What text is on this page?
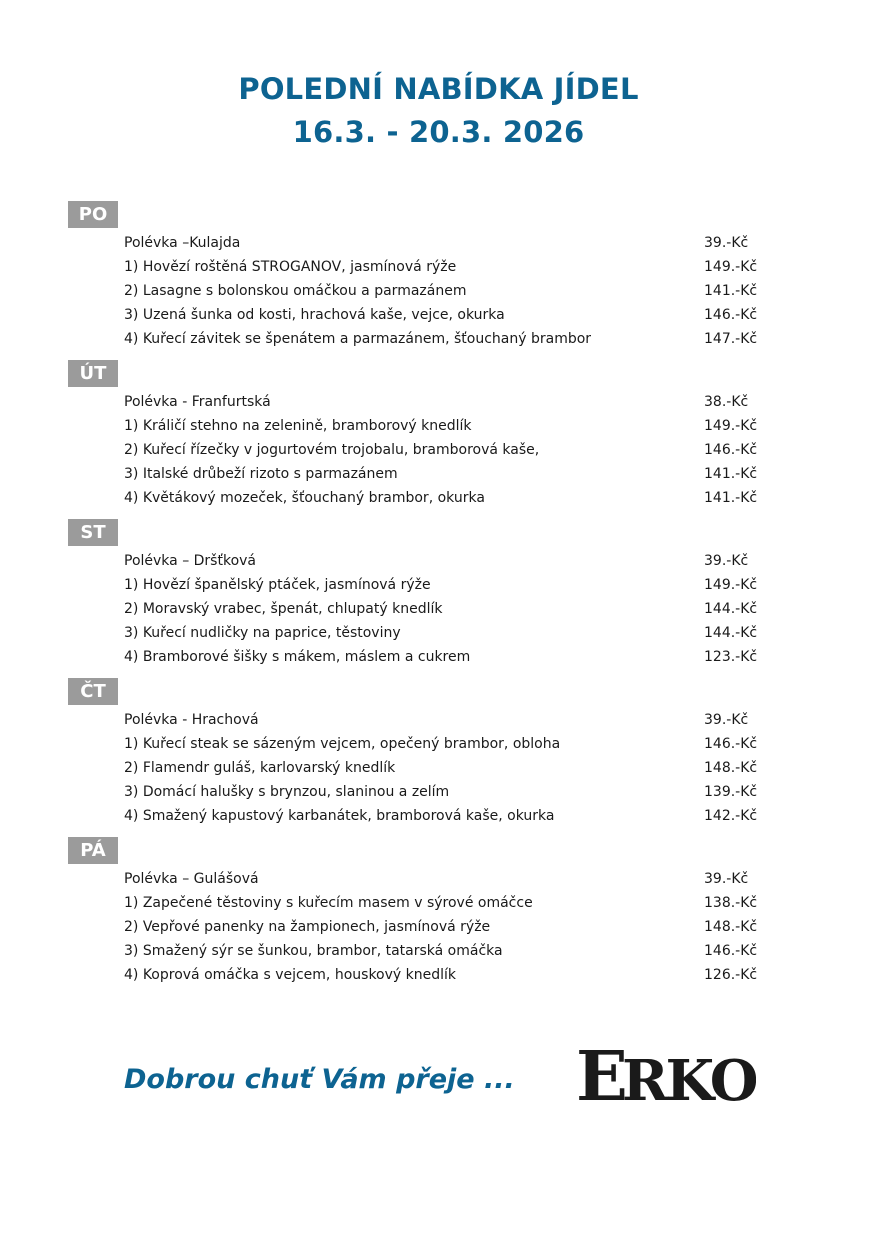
POLEDNÍ NABÍDKA JÍDEL
16.3. - 20.3. 2026
PO
Polévka –Kulajda	39.-Kč
1) Hovězí roštěná STROGANOV, jasmínová rýže	149.-Kč
2) Lasagne s bolonskou omáčkou a parmazánem	141.-Kč
3) Uzená šunka od kosti, hrachová kaše, vejce, okurka	146.-Kč
4) Kuřecí závitek se špenátem a parmazánem, šťouchaný brambor	147.-Kč
ÚT
Polévka - Franfurtská	38.-Kč
1) Králičí stehno na zelenině, bramborový knedlík	149.-Kč
2) Kuřecí řízečky v jogurtovém trojobalu, bramborová kaše,	146.-Kč
3) Italské drůbeží rizoto s parmazánem	141.-Kč
4) Květákový mozeček, šťouchaný brambor, okurka	141.-Kč
ST
Polévka – Dršťková	39.-Kč
1) Hovězí španělský ptáček, jasmínová rýže	149.-Kč
2) Moravský vrabec, špenát, chlupatý knedlík	144.-Kč
3) Kuřecí nudličky na paprice, těstoviny	144.-Kč
4) Bramborové šišky s mákem, máslem a cukrem	123.-Kč
ČT
Polévka - Hrachová	39.-Kč
1) Kuřecí steak se sázeným vejcem, opečený brambor, obloha	146.-Kč
2) Flamendr guláš, karlovarský knedlík	148.-Kč
3) Domácí halušky s brynzou, slaninou a zelím	139.-Kč
4) Smažený kapustový karbanátek, bramborová kaše, okurka	142.-Kč
PÁ
Polévka – Gulášová	39.-Kč
1) Zapečené těstoviny s kuřecím masem v sýrové omáčce	138.-Kč
2) Vepřové panenky na žampionech, jasmínová rýže	148.-Kč
3) Smažený sýr se šunkou, brambor, tatarská omáčka	146.-Kč
4) Koprová omáčka s vejcem, houskový knedlík	126.-Kč

Dobrou chuť Vám přeje ... E
RKO
